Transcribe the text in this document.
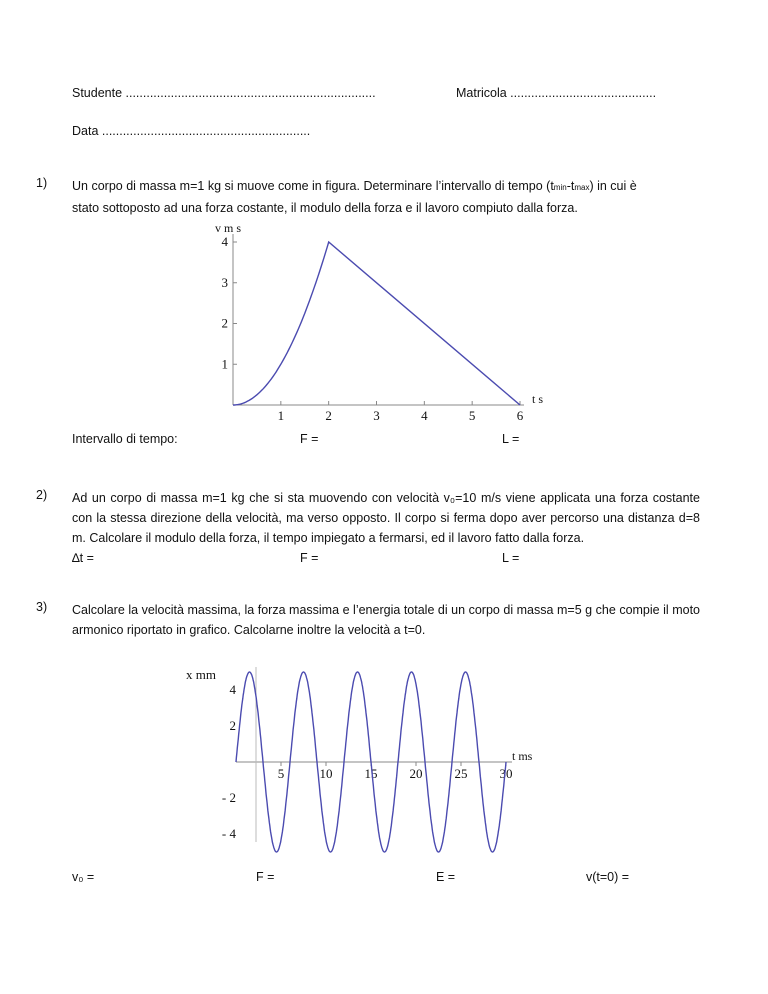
Studente ........................................................................	Matricola ..........................................
Data ............................................................
1) Un corpo di massa m=1 kg si muove come in figura. Determinare l’intervallo di tempo (tmin-tmax) in cui è
stato sottoposto ad una forza costante, il modulo della forza e il lavoro compiuto dalla forza.
1	2	3	4	5	6
1
2
3
4
v m s
t s
Intervallo di tempo:	F =	L =
2) Ad un corpo di massa m=1 kg che si sta muovendo con velocità v₀=10 m/s viene applicata una forza costante con la stessa direzione della velocità, ma verso opposto. Il corpo si ferma dopo aver percorso una distanza d=8 m. Calcolare il modulo della forza, il tempo impiegato a fermarsi, ed il lavoro fatto dalla forza.
∆t =	F =	L =
3) Calcolare la velocità massima, la forza massima e l’energia totale di un corpo di massa m=5 g che compie il moto armonico riportato in grafico. Calcolarne inoltre la velocità a t=0.
5	10 15 20 25 30
- 4
- 2
2
4
x mm
t ms
v₀ =	F =	E =	v(t=0) =
